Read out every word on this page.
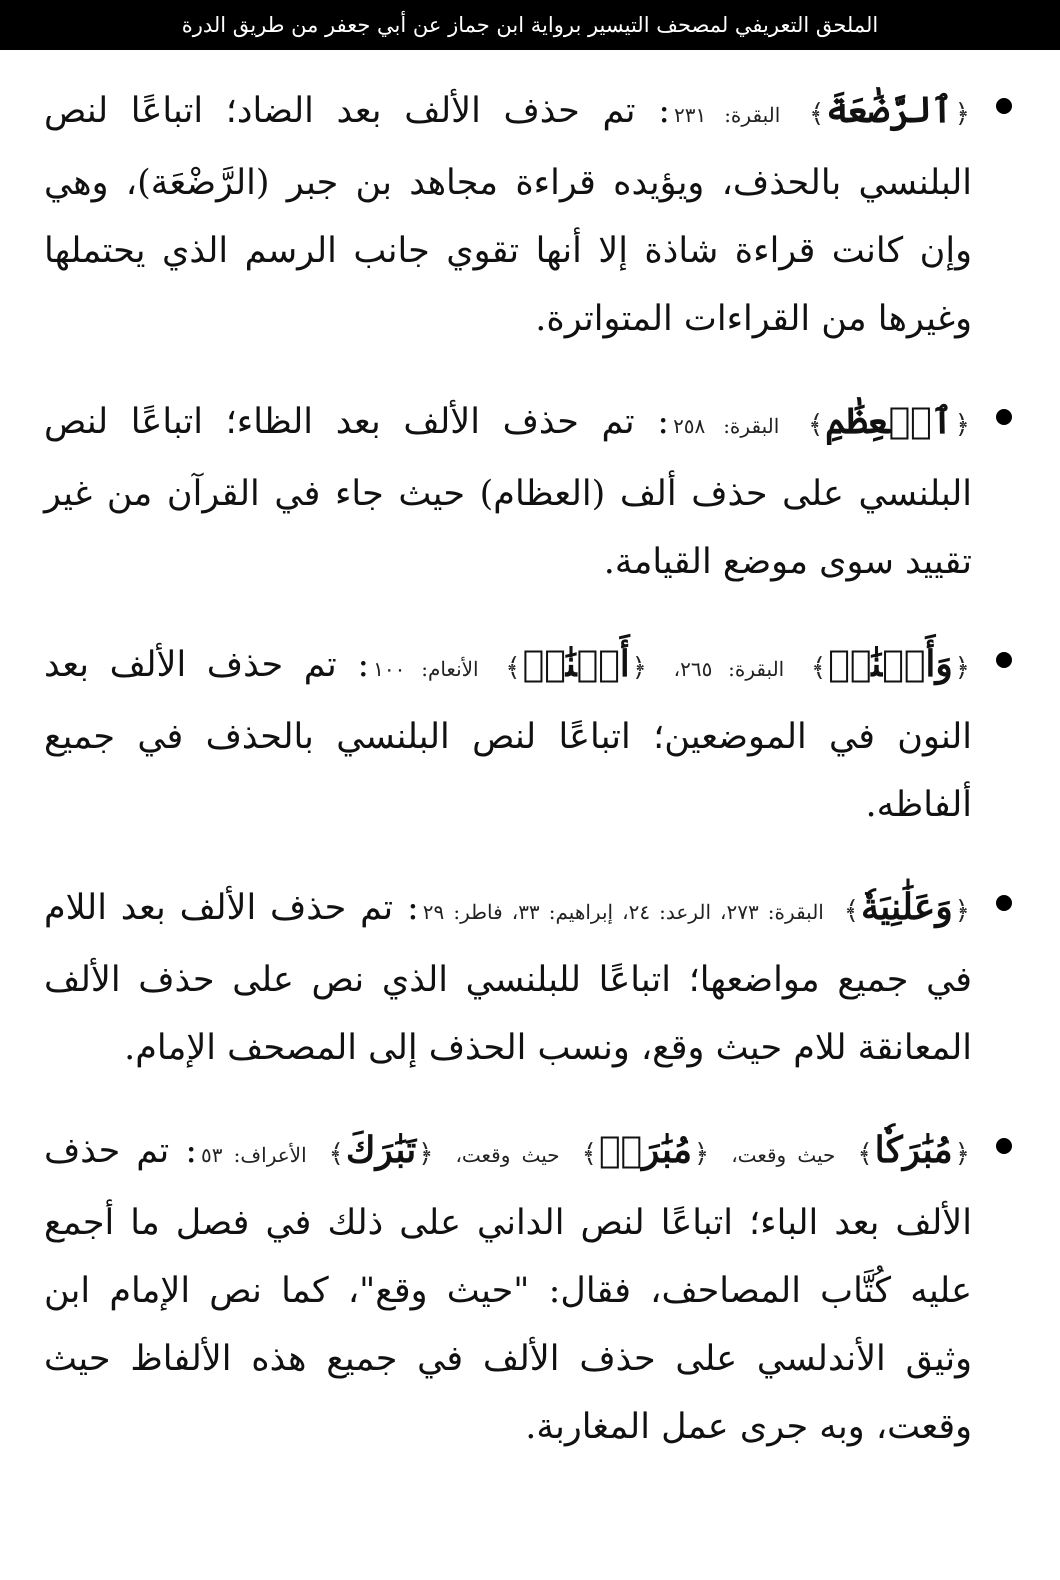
الملحق التعريفي لمصحف التيسير برواية ابن جماز عن أبي جعفر من طريق الدرة
﴿ٱلرَّضَٰعَةَ﴾ البقرة: ٢٣١: تم حذف الألف بعد الضاد؛ اتباعًا لنص البلنسي بالحذف، ويؤيده قراءة مجاهد بن جبر (الرَّضْعَة)، وهي وإن كانت قراءة شاذة إلا أنها تقوي جانب الرسم الذي يحتملها وغيرها من القراءات المتواترة.
﴿ٱلۡعِظَٰمِ﴾ البقرة: ٢٥٨: تم حذف الألف بعد الظاء؛ اتباعًا لنص البلنسي على حذف ألف (العظام) حيث جاء في القرآن من غير تقييد سوى موضع القيامة.
﴿وَأَعۡنَٰبٖ﴾ البقرة: ٢٦٥، ﴿أَعۡنَٰبٖ﴾ الأنعام: ١٠٠: تم حذف الألف بعد النون في الموضعين؛ اتباعًا لنص البلنسي بالحذف في جميع ألفاظه.
﴿وَعَلَٰنِيَةٗ﴾ البقرة: ٢٧٣، الرعد: ٢٤، إبراهيم: ٣٣، فاطر: ٢٩: تم حذف الألف بعد اللام في جميع مواضعها؛ اتباعًا للبلنسي الذي نص على حذف الألف المعانقة للام حيث وقع، ونسب الحذف إلى المصحف الإمام.
﴿مُبَٰرَكٗا﴾ حيث وقعت، ﴿مُبَٰرَكٞ﴾ حيث وقعت، ﴿تَبَٰرَكَ﴾ الأعراف: ٥٣: تم حذف الألف بعد الباء؛ اتباعًا لنص الداني على ذلك في فصل ما أجمع عليه كُتَّاب المصاحف، فقال: "حيث وقع"، كما نص الإمام ابن وثيق الأندلسي على حذف الألف في جميع هذه الألفاظ حيث وقعت، وبه جرى عمل المغاربة.
